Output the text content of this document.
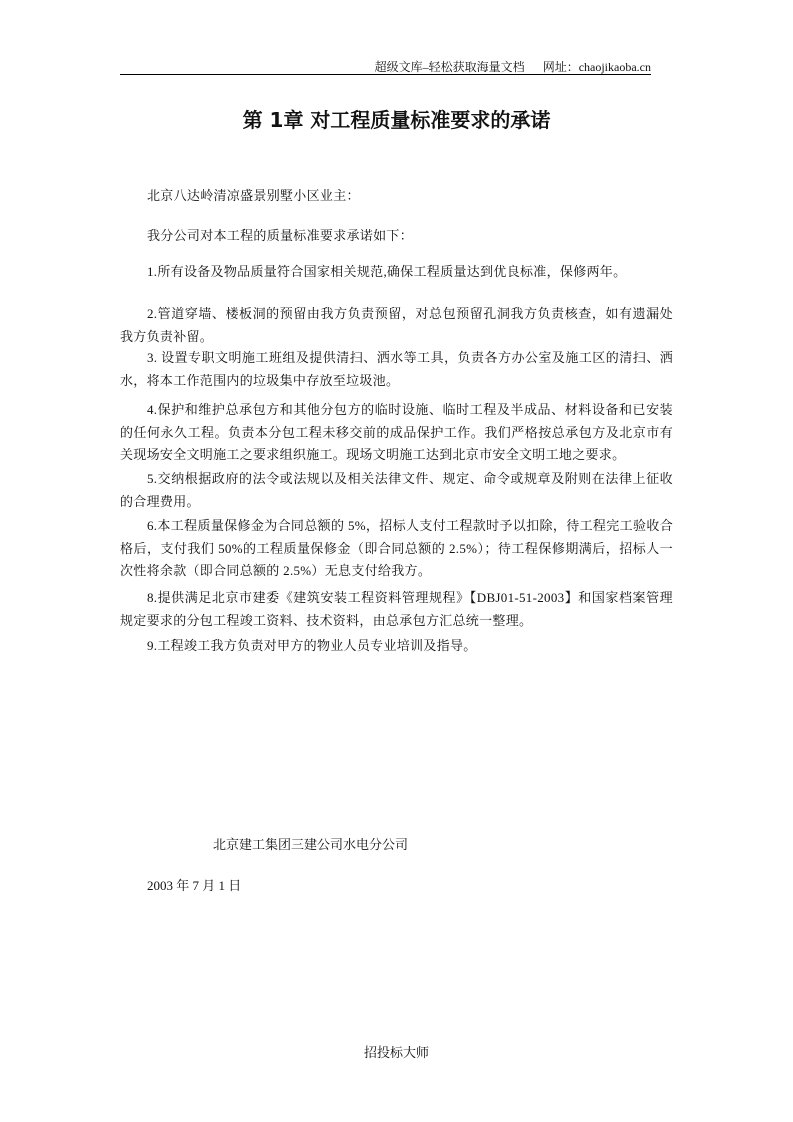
超级文库–轻松获取海量文档 网址：chaojikaoba.cn
第 1章 对工程质量标准要求的承诺
北京八达岭清凉盛景别墅小区业主：
我分公司对本工程的质量标准要求承诺如下：
1.所有设备及物品质量符合国家相关规范,确保工程质量达到优良标准，保修两年。
2.管道穿墙、楼板洞的预留由我方负责预留，对总包预留孔洞我方负责核查，如有遗漏处我方负责补留。
3. 设置专职文明施工班组及提供清扫、洒水等工具，负责各方办公室及施工区的清扫、洒水，将本工作范围内的垃圾集中存放至垃圾池。
4.保护和维护总承包方和其他分包方的临时设施、临时工程及半成品、材料设备和已安装的任何永久工程。负责本分包工程未移交前的成品保护工作。我们严格按总承包方及北京市有关现场安全文明施工之要求组织施工。现场文明施工达到北京市安全文明工地之要求。
5.交纳根据政府的法令或法规以及相关法律文件、规定、命令或规章及附则在法律上征收的合理费用。
6.本工程质量保修金为合同总额的 5%，招标人支付工程款时予以扣除，待工程完工验收合格后，支付我们 50%的工程质量保修金（即合同总额的 2.5%）；待工程保修期满后，招标人一次性将余款（即合同总额的 2.5%）无息支付给我方。
8.提供满足北京市建委《建筑安装工程资料管理规程》【DBJ01-51-2003】和国家档案管理规定要求的分包工程竣工资料、技术资料，由总承包方汇总统一整理。
9.工程竣工我方负责对甲方的物业人员专业培训及指导。
北京建工集团三建公司水电分公司
2003 年 7 月 1 日
招投标大师
